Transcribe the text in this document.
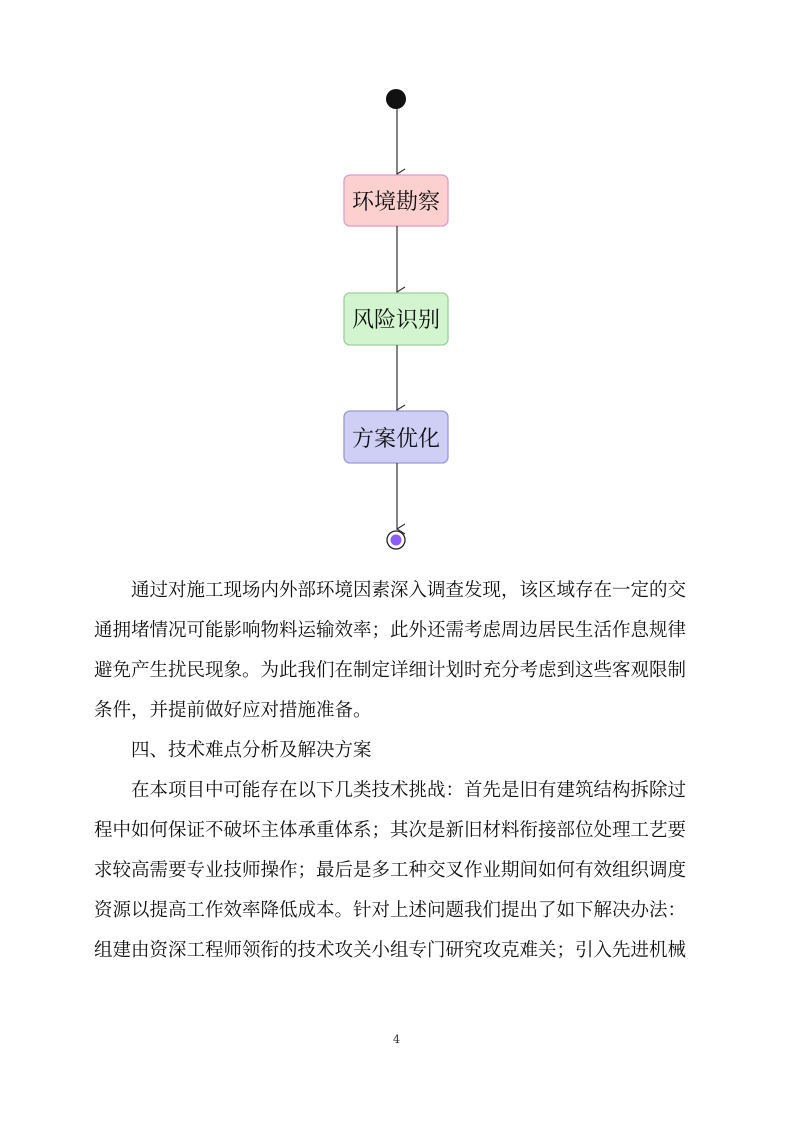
环境勘察
风险识别
方案优化

通过对施工现场内外部环境因素深入调查发现，该区域存在一定的交

通拥堵情况可能影响物料运输效率；此外还需考虑周边居民生活作息规律

避免产生扰民现象。为此我们在制定详细计划时充分考虑到这些客观限制

条件，并提前做好应对措施准备。

四、技术难点分析及解决方案

在本项目中可能存在以下几类技术挑战：首先是旧有建筑结构拆除过

程中如何保证不破坏主体承重体系；其次是新旧材料衔接部位处理工艺要

求较高需要专业技师操作；最后是多工种交叉作业期间如何有效组织调度

资源以提高工作效率降低成本。针对上述问题我们提出了如下解决办法：

组建由资深工程师领衔的技术攻关小组专门研究攻克难关；引入先进机械

4
